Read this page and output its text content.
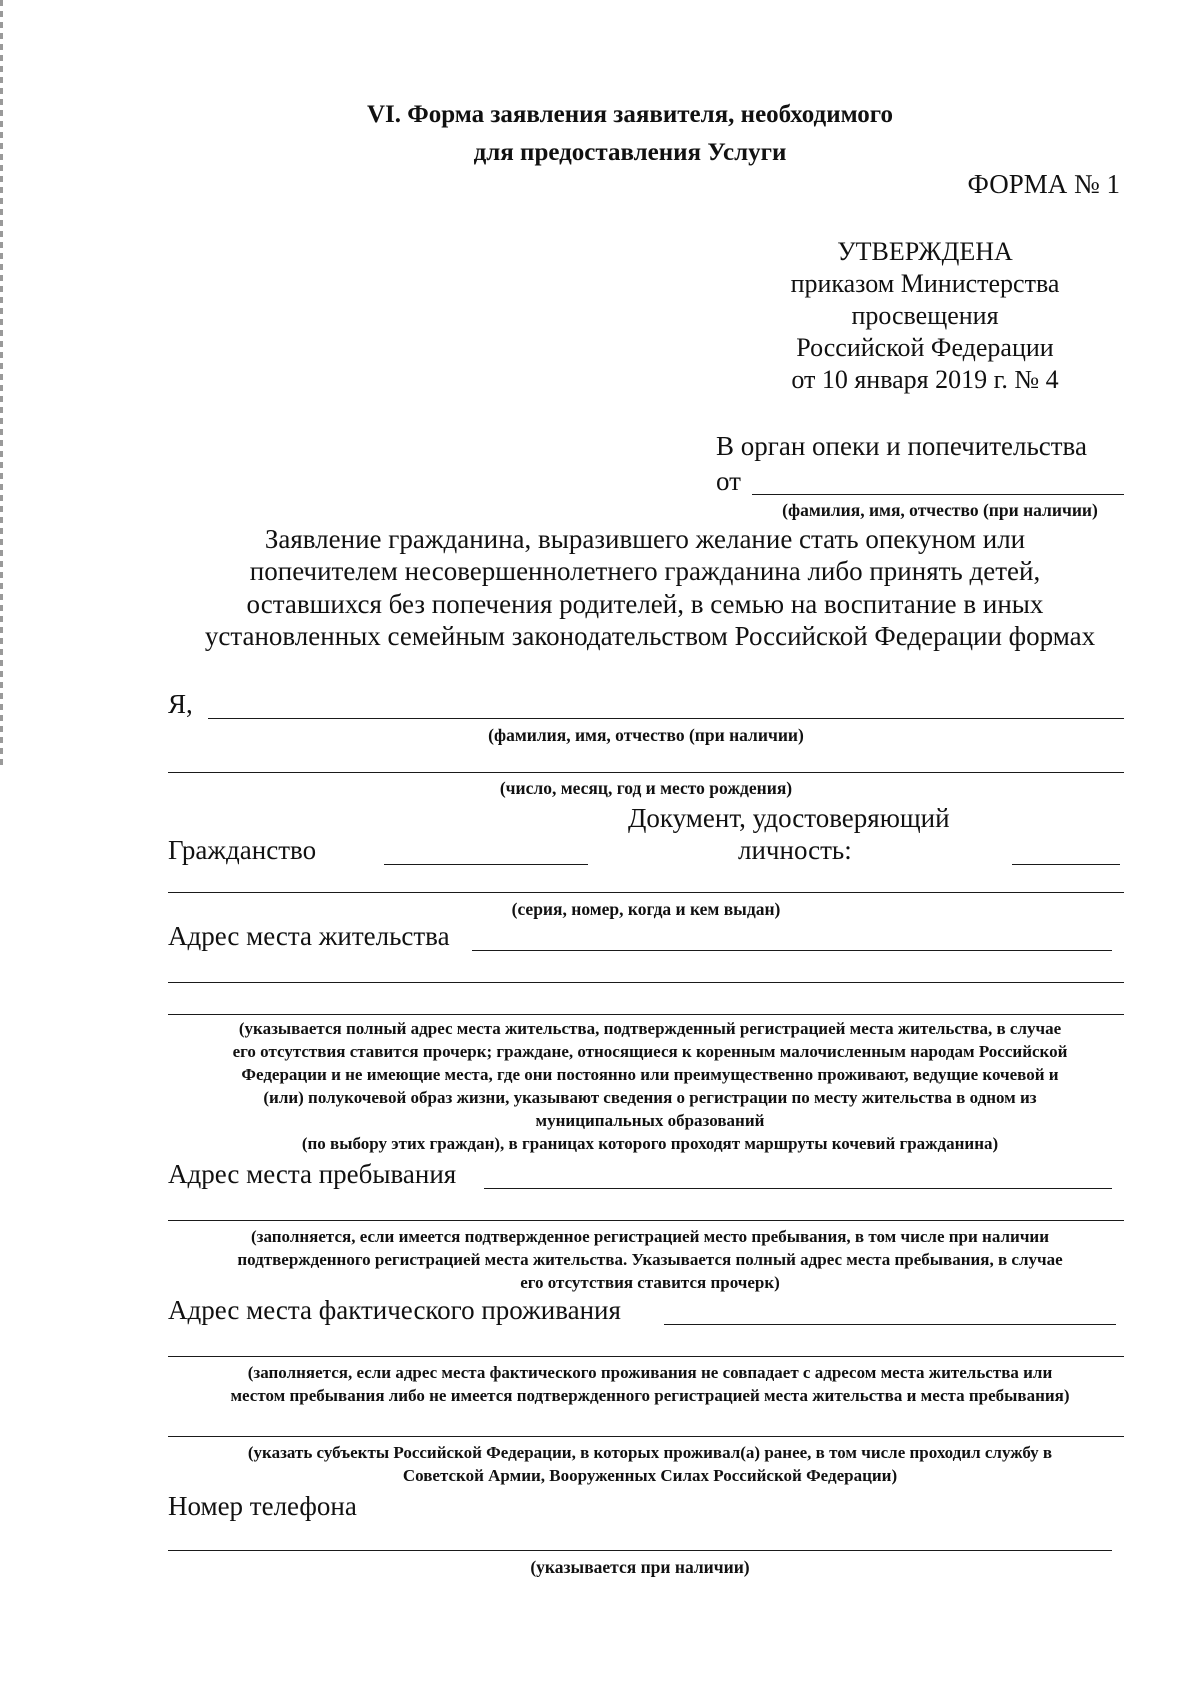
VI. Форма заявления заявителя, необходимого
для предоставления Услуги
ФОРМА № 1
УТВЕРЖДЕНА
приказом Министерства
просвещения
Российской Федерации
от 10 января 2019 г. № 4
В орган опеки и попечительства
от
(фамилия, имя, отчество (при наличии)
Заявление гражданина, выразившего желание стать опекуном или
попечителем несовершеннолетнего гражданина либо принять детей,
оставшихся без попечения родителей, в семью на воспитание в иных
установленных семейным законодательством Российской Федерации формах
Я,
(фамилия, имя, отчество (при наличии)
(число, месяц, год и место рождения)
Документ, удостоверяющий
Гражданство	личность:
(серия, номер, когда и кем выдан)
Адрес места жительства
(указывается полный адрес места жительства, подтвержденный регистрацией места жительства, в случае
его отсутствия ставится прочерк; граждане, относящиеся к коренным малочисленным народам Российской
Федерации и не имеющие места, где они постоянно или преимущественно проживают, ведущие кочевой и
(или) полукочевой образ жизни, указывают сведения о регистрации по месту жительства в одном из
муниципальных образований
(по выбору этих граждан), в границах которого проходят маршруты кочевий гражданина)
Адрес места пребывания
(заполняется, если имеется подтвержденное регистрацией место пребывания, в том числе при наличии
подтвержденного регистрацией места жительства. Указывается полный адрес места пребывания, в случае
его отсутствия ставится прочерк)
Адрес места фактического проживания
(заполняется, если адрес места фактического проживания не совпадает с адресом места жительства или
местом пребывания либо не имеется подтвержденного регистрацией места жительства и места пребывания)
(указать субъекты Российской Федерации, в которых проживал(а) ранее, в том числе проходил службу в
Советской Армии, Вооруженных Силах Российской Федерации)
Номер телефона
(указывается при наличии)
